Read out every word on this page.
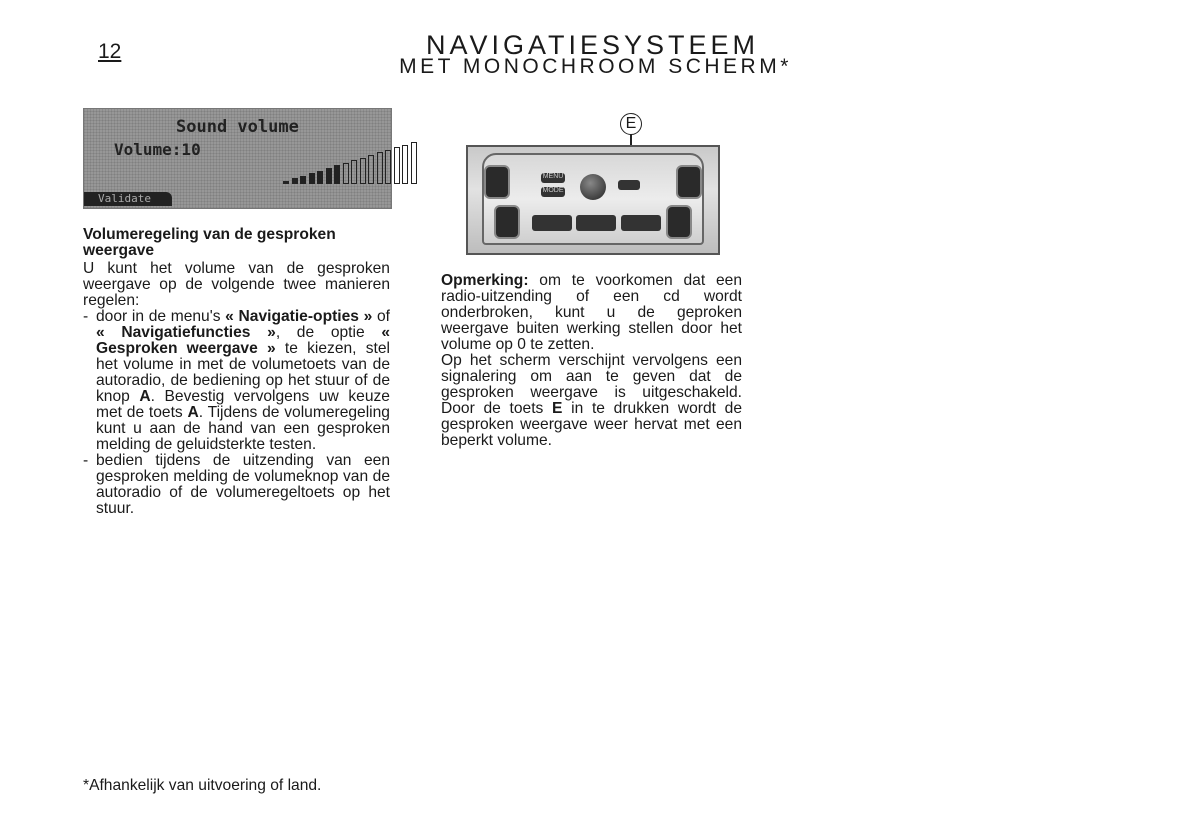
12	NAVIGATIESYSTEEM
MET MONOCHROOM SCHERM*
Sound volume
Volume:10
Validate
E
MENU
MODE

Volumeregeling van de gesproken weergave

U kunt het volume van de gesproken weergave op de volgende twee manieren regelen:

- door in de menu's « Navigatie-opties » of « Navigatiefuncties », de optie « Gesproken weergave » te kiezen, stel het volume in met de volumetoets van de autoradio, de bediening op het stuur of de knop A. Bevestig vervolgens uw keuze met de toets A. Tijdens de volumeregeling kunt u aan de hand van een gesproken melding de geluidsterkte testen.

- bedien tijdens de uitzending van een gesproken melding de volumeknop van de autoradio of de volumeregeltoets op het stuur.

Opmerking: om te voorkomen dat een radio-uitzending of een cd wordt onderbroken, kunt u de geproken weergave buiten werking stellen door het volume op 0 te zetten.

Op het scherm verschijnt vervolgens een signalering om aan te geven dat de gesproken weergave is uitgeschakeld. Door de toets E in te drukken wordt de gesproken weergave weer hervat met een beperkt volume.

*Afhankelijk van uitvoering of land.
